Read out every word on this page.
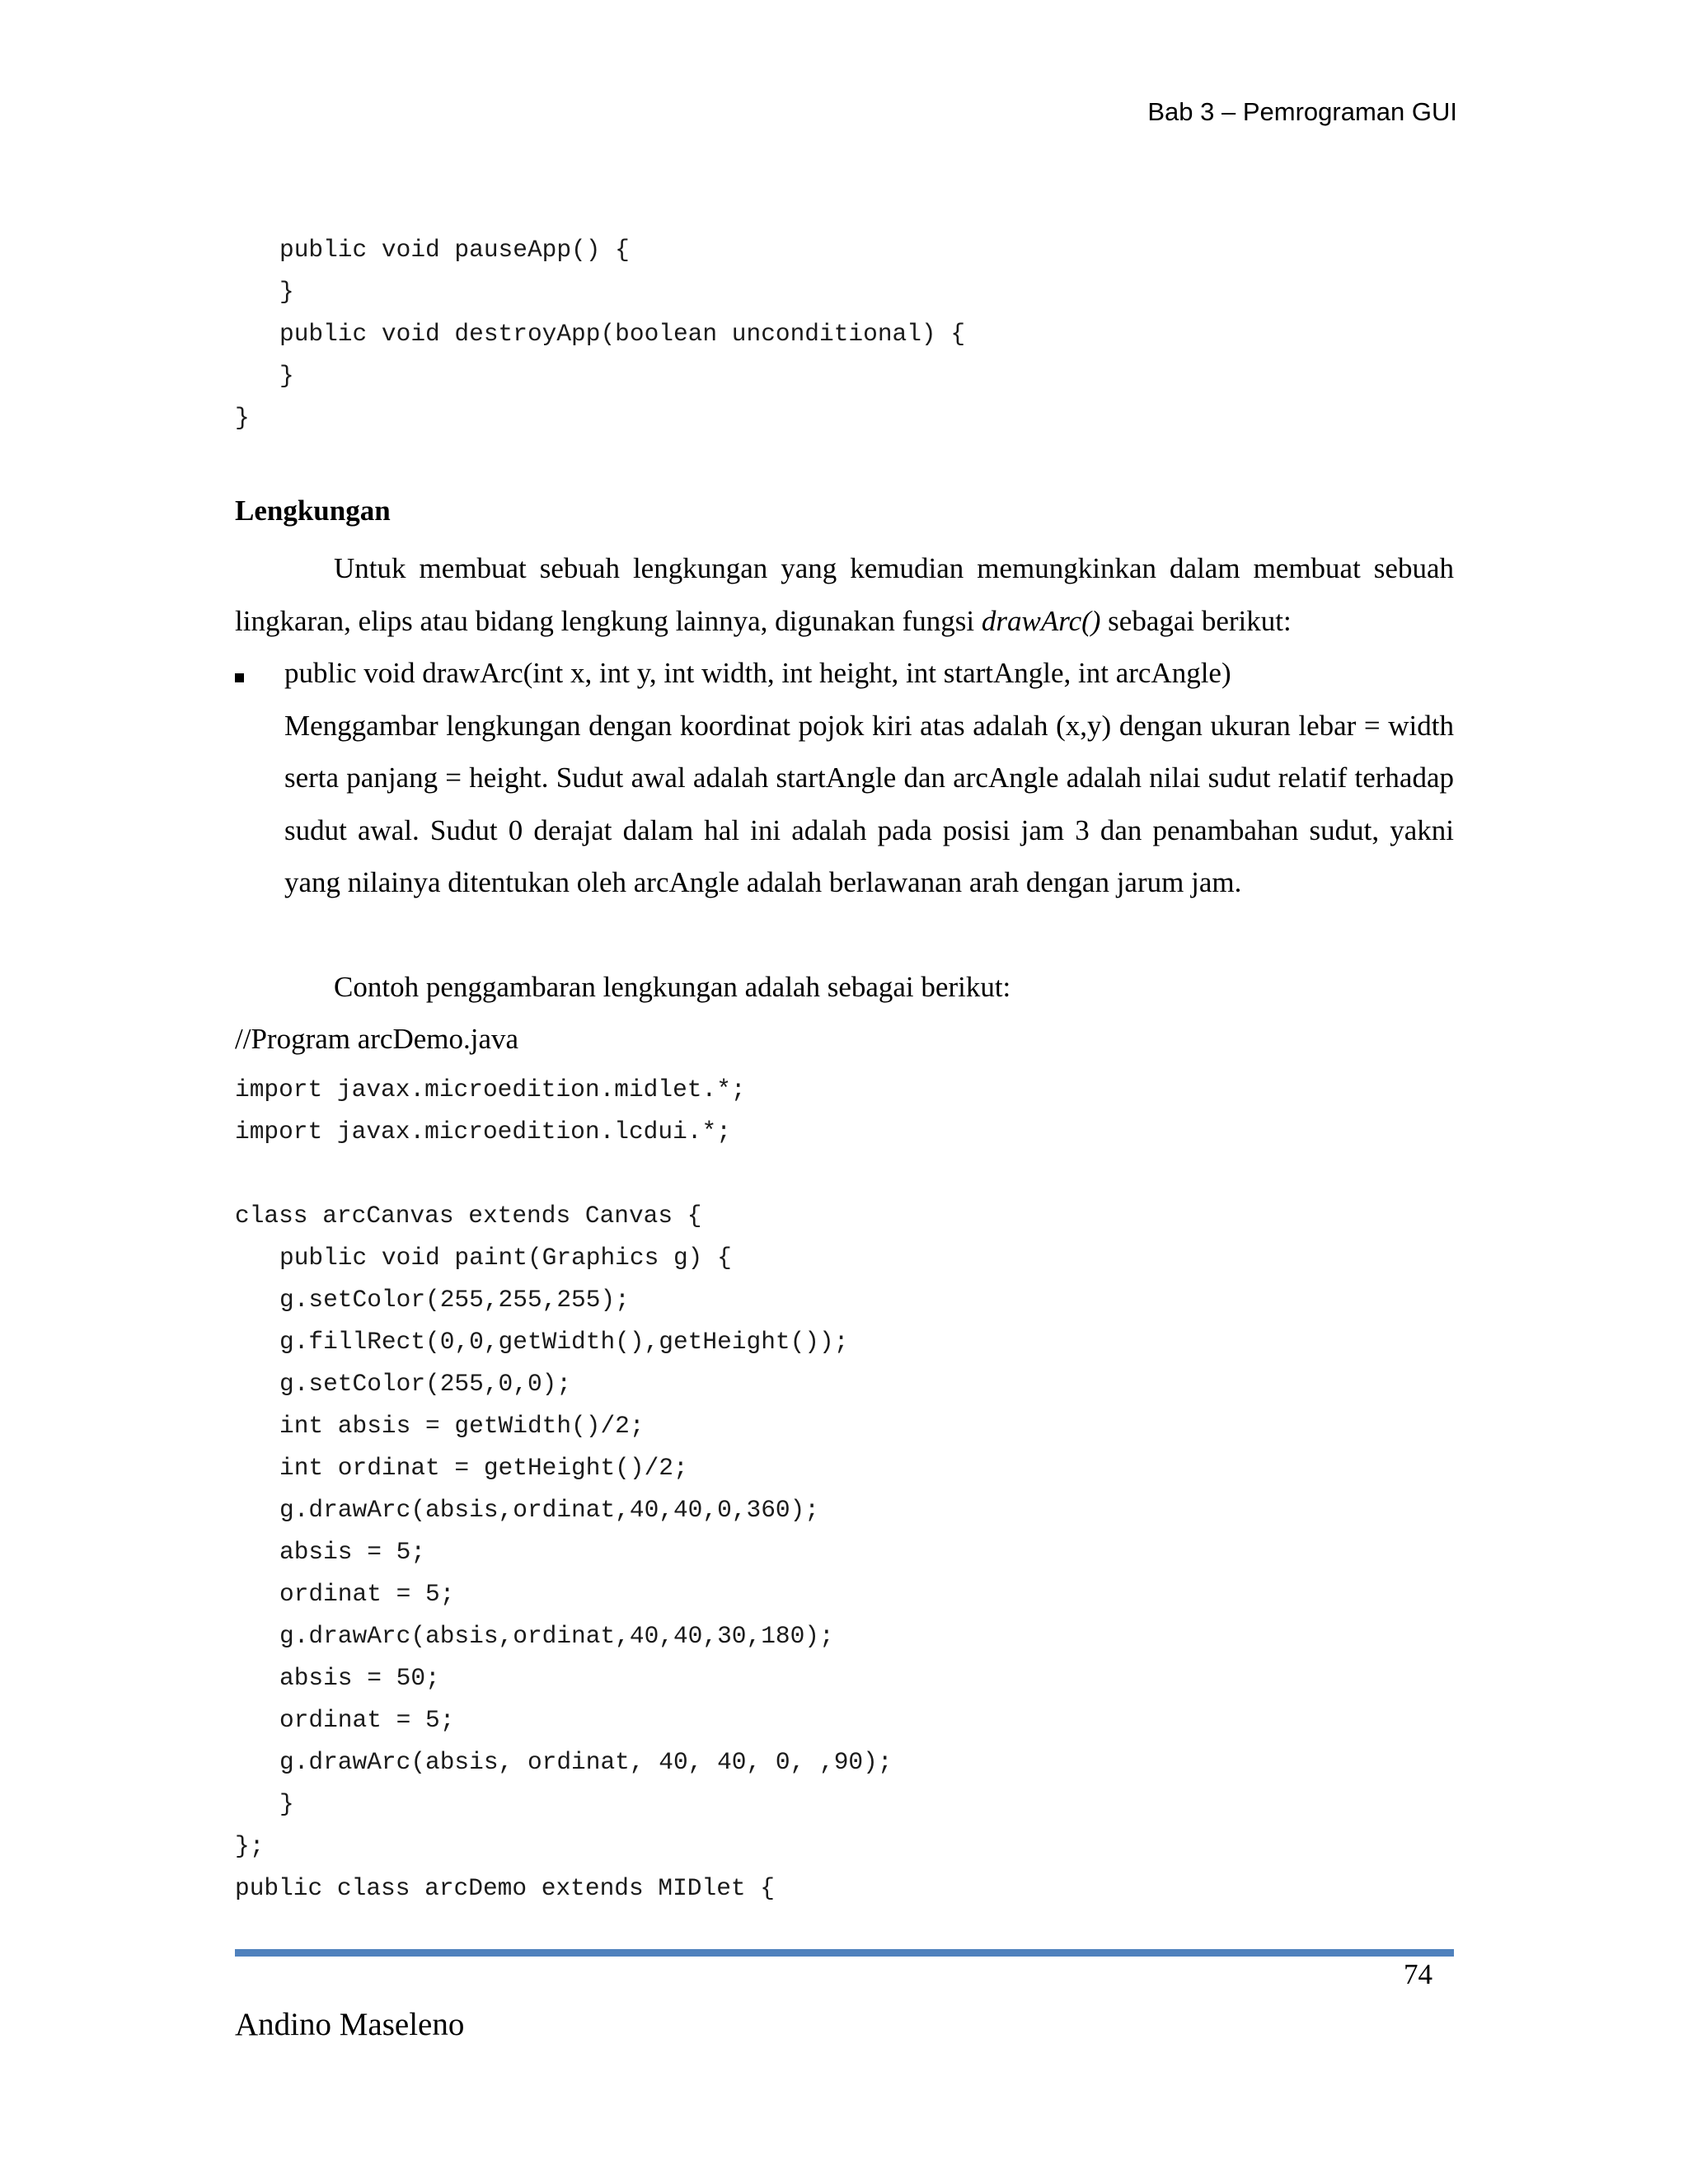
Bab 3 – Pemrograman GUI
public void pauseApp() {
}
public void destroyApp(boolean unconditional) {
}
}
Lengkungan

Untuk membuat sebuah lengkungan yang kemudian memungkinkan dalam membuat sebuah lingkaran, elips atau bidang lengkung lainnya, digunakan fungsi drawArc() sebagai berikut:

public void drawArc(int x, int y, int width, int height, int startAngle, int arcAngle)

Menggambar lengkungan dengan koordinat pojok kiri atas adalah (x,y) dengan ukuran lebar = width serta panjang = height. Sudut awal adalah startAngle dan arcAngle adalah nilai sudut relatif terhadap sudut awal. Sudut 0 derajat dalam hal ini adalah pada posisi jam 3 dan penambahan sudut, yakni yang nilainya ditentukan oleh arcAngle adalah berlawanan arah dengan jarum jam.

Contoh penggambaran lengkungan adalah sebagai berikut:

//Program arcDemo.java

import javax.microedition.midlet.*;
import javax.microedition.lcdui.*;
class arcCanvas extends Canvas {
public void paint(Graphics g) {
g.setColor(255,255,255);
g.fillRect(0,0,getWidth(),getHeight());
g.setColor(255,0,0);
int absis = getWidth()/2;
int ordinat = getHeight()/2;
g.drawArc(absis,ordinat,40,40,0,360);
absis = 5;
ordinat = 5;
g.drawArc(absis,ordinat,40,40,30,180);
absis = 50;
ordinat = 5;
g.drawArc(absis, ordinat, 40, 40, 0, ,90);
}
};
public class arcDemo extends MIDlet {
74
Andino Maseleno
